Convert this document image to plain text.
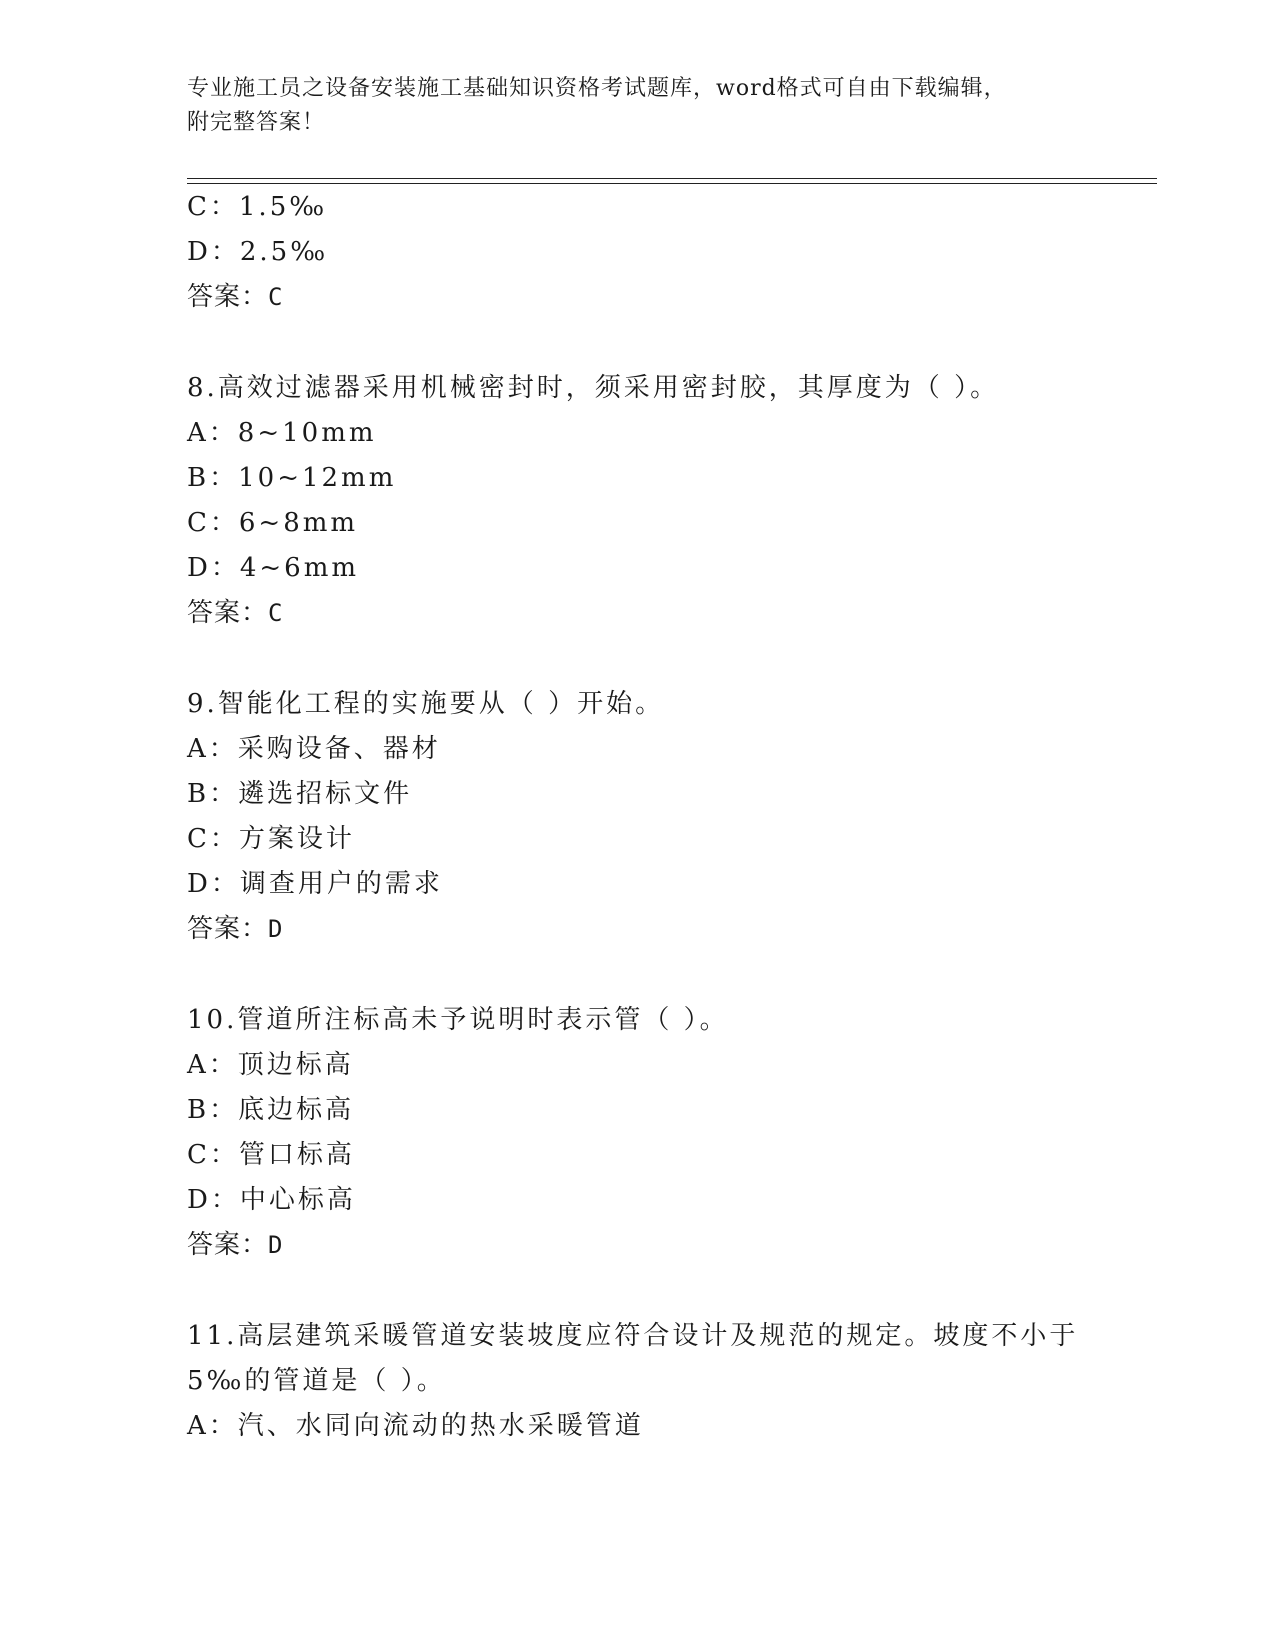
专业施工员之设备安装施工基础知识资格考试题库，word格式可自由下载编辑，
附完整答案！
C：1.5‰
D：2.5‰
答案：C
8.高效过滤器采用机械密封时，须采用密封胶，其厚度为（ ）。
A：8~10mm
B：10~12mm
C：6~8mm
D：4~6mm
答案：C
9.智能化工程的实施要从（ ）开始。
A：采购设备、器材
B：遴选招标文件
C：方案设计
D：调查用户的需求
答案：D
10.管道所注标高未予说明时表示管（ ）。
A：顶边标高
B：底边标高
C：管口标高
D：中心标高
答案：D
11.高层建筑采暖管道安装坡度应符合设计及规范的规定。坡度不小于
5‰的管道是（ ）。
A：汽、水同向流动的热水采暖管道
